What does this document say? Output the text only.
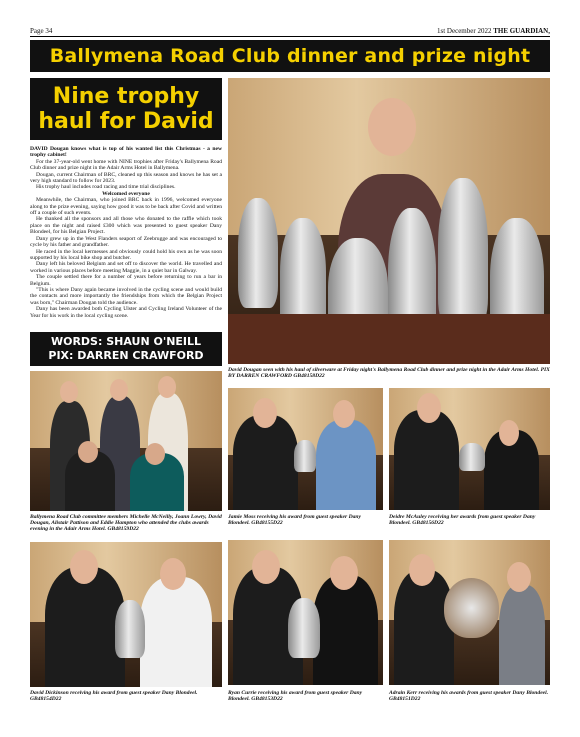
Page 34	1st December 2022 THE GUARDIAN,
Ballymena Road Club dinner and prize night
Nine trophy
haul for David

DAVID Dougan knows what is top of his wanted list this Christmas - a new trophy cabinet!

For the 37-year-old went home with NINE trophies after Friday's Ballymena Road Club dinner and prize night in the Adair Arms Hotel in Ballymena.

Dougan, current Chairman of BRC, cleaned up this season and knows he has set a very high standard to follow for 2023.

His trophy haul includes road racing and time trial disciplines.

Welcomed everyone

Meanwhile, the Chairman, who joined BRC back in 1996, welcomed everyone along to the prize evening, saying how good it was to be back after Covid and written off a couple of such events.

He thanked all the sponsors and all those who donated to the raffle which took place on the night and raised £300 which was presented to guest speaker Dany Blondeel, for his Belgian Project.

Dany grew up in the West Flanders seaport of Zeebrugge and was encouraged to cycle by his father and grandfather.

He raced in the local kermesses and obviously could hold his own as he was soon supported by his local bike shop and butcher.

Dany left his beloved Belgium and set off to discover the world. He travelled and worked in various places before meeting Maggie, in a quiet bar in Galway.

The couple settled there for a number of years before returning to run a bar in Belgium.

"This is where Dany again became involved in the cycling scene and would build the contacts and more importantly the friendships from which the Belgian Project was born," Chairman Dougan told the audience.

Dany has been awarded both Cycling Ulster and Cycling Ireland Volunteer of the Year for his work in the local cycling scene.

WORDS: SHAUN O'NEILL
PIX: DARREN CRAWFORD
David Dougan seen with his haul of silverware at Friday night's Ballymena Road Club dinner and prize night in the Adair Arms Hotel. PIX BY DARREN CRAWFORD GB48158D22
Ballymena Road Club committee members Michelle McNeilly, Joann Lowry, David Dougan, Alistair Pattison and Eddie Hampton who attended the clubs awards evening in the Adair Arms Hotel. GB48159D22
Jamie Moss receiving his award from guest speaker Dany Blondeel. GB48155D22
Deidre McAuley receiving her awards from guest speaker Dany Blondeel. GB48156D22
David Dickinson receiving his award from guest speaker Dany Blondeel. GB48154D22
Ryan Currie receiving his award from guest speaker Dany Blondeel. GB48153D22
Adrain Kerr receiving his awards from guest speaker Dany Blondeel. GB48151D22
